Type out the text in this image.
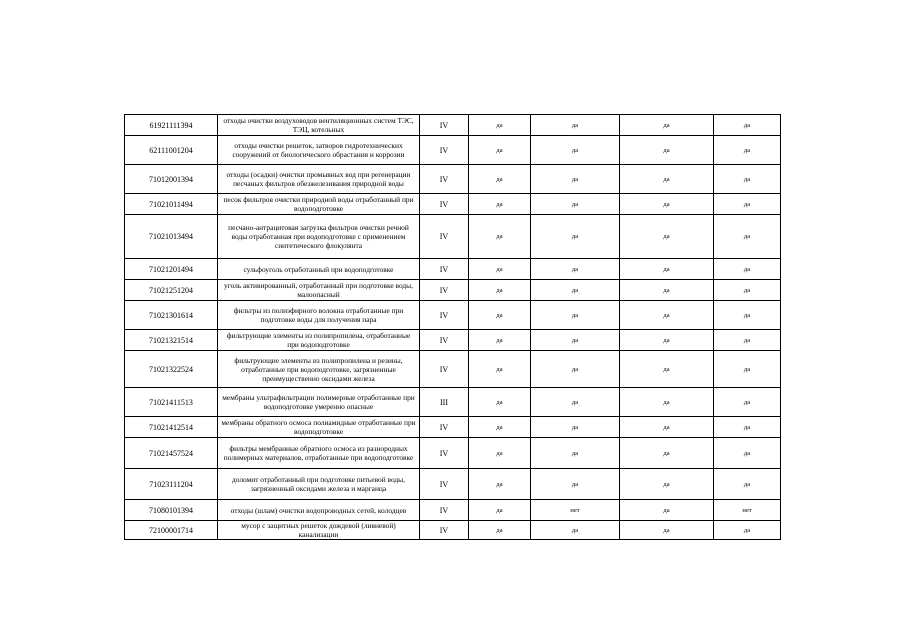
61921111394	отходы очистки воздуховодов вентиляционных систем ТЭС, ТЭЦ, котельных	IV	да	да	да	да
62111001204	отходы очистки решеток, затворов гидротехнических сооружений от биологического обрастания и коррозии	IV	да	да	да	да
71012001394	отходы (осадки) очистки промывных вод при регенерации песчаных фильтров обезжелезивания природной воды	IV	да	да	да	да
71021011494	песок фильтров очистки природной воды отработанный при водоподготовке	IV	да	да	да	да
71021013494	песчано-антрацитовая загрузка фильтров очистки речной воды отработанная при водоподготовке с применением синтетического флокулянта	IV	да	да	да	да
71021201494	сульфоуголь отработанный при водоподготовке	IV	да	да	да	да
71021251204	уголь активированный, отработанный при подготовке воды, малоопасный	IV	да	да	да	да
71021301614	фильтры из полиэфирного волокна отработанные при подготовке воды для получения пара	IV	да	да	да	да
71021321514	фильтрующие элементы из полипропилена, отработанные при водоподготовке	IV	да	да	да	да
71021322524	фильтрующие элементы из полипропилена и резины, отработанные при водоподготовке, загрязненные преимущественно оксидами железа	IV	да	да	да	да
71021411513	мембраны ультрафильтрации полимерные отработанные при водоподготовке умеренно опасные	III	да	да	да	да
71021412514	мембраны обратного осмоса полиамидные отработанные при водоподготовке	IV	да	да	да	да
71021457524	фильтры мембранные обратного осмоса из разнородных полимерных материалов, отработанные при водоподготовке	IV	да	да	да	да
71023111204	доломит отработанный при подготовке питьевой воды, загрязненный оксидами железа и марганца	IV	да	да	да	да
71080101394	отходы (шлам) очистки водопроводных сетей, колодцев	IV	да	нет	да	нет
72100001714	мусор с защитных решеток дождевой (ливневой) канализации	IV	да	да	да	да
